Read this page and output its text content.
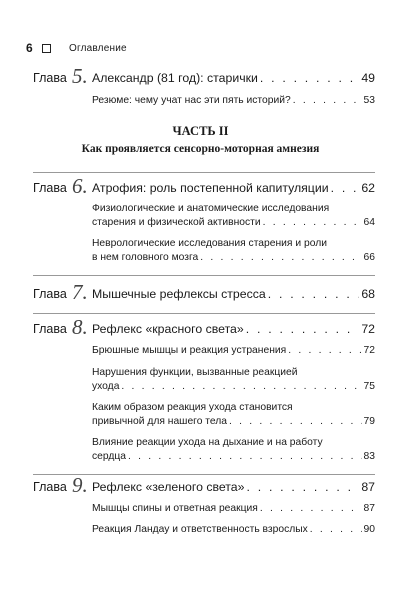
6	Оглавление
Глава 5. Александр (81 год): старички . . .	49
Резюме: чему учат нас эти пять историй? . . .	53
ЧАСТЬ II
Как проявляется сенсорно-моторная амнезия
Глава 6. Атрофия: роль постепенной капитуляции . . .	62
Физиологические и анатомические исследования
старения и физической активности . . .	64
Неврологические исследования старения и роли
в нем головного мозга . . .	66
Глава 7. Мышечные рефлексы стресса . . .	68
Глава 8. Рефлекс «красного света» . . .	72
Брюшные мышцы и реакция устранения . . .	72
Нарушения функции, вызванные реакцией
ухода . . .	75
Каким образом реакция ухода становится
привычной для нашего тела . . .	79
Влияние реакции ухода на дыхание и на работу
сердца . . .	83
Глава 9. Рефлекс «зеленого света» . . .	87
Мышцы спины и ответная реакция . . .	87
Реакция Ландау и ответственность взрослых . . .	90
